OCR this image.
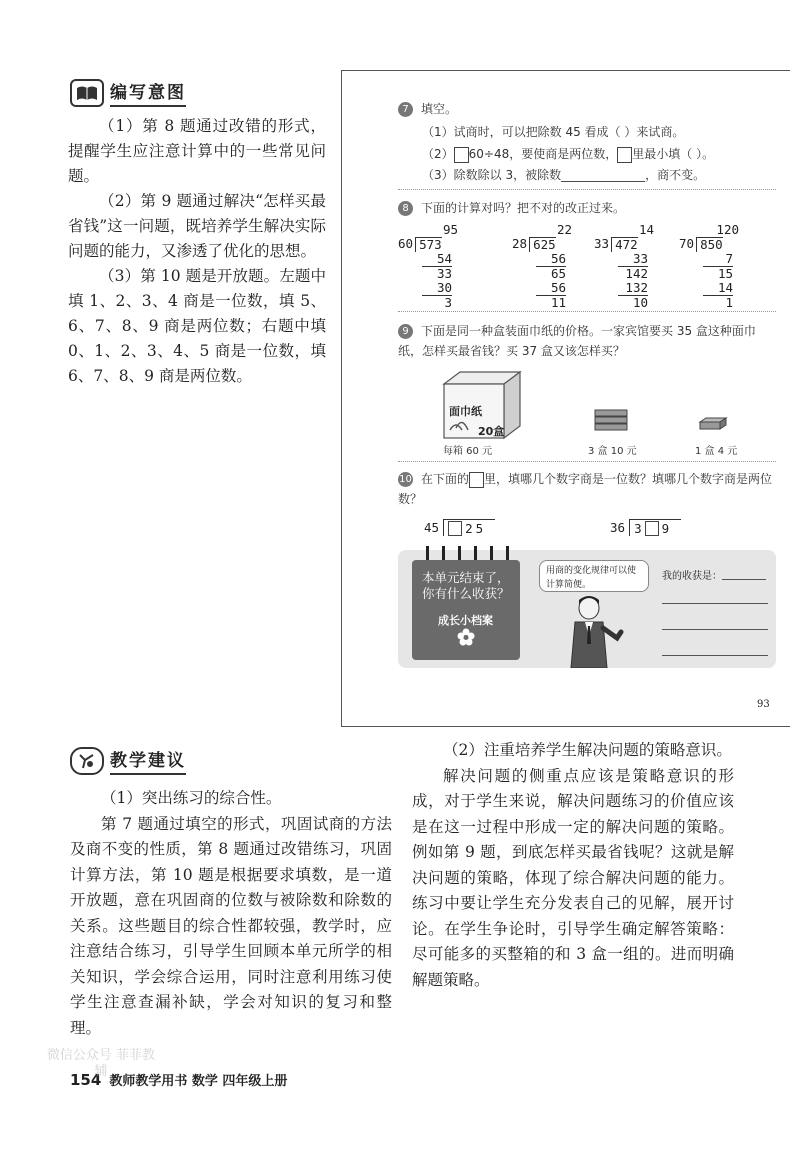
编写意图

（1）第 8 题通过改错的形式，提醒学生应注意计算中的一些常见问题。

（2）第 9 题通过解决“怎样买最省钱”这一问题，既培养学生解决实际问题的能力，又渗透了优化的思想。

（3）第 10 题是开放题。左题中填 1、2、3、4 商是一位数，填 5、6、7、8、9 商是两位数；右题中填 0、1、2、3、4、5 商是一位数，填 6、7、8、9 商是两位数。

7 填空。
（1）试商时，可以把除数 45 看成（ ）来试商。
（2） 60÷48，要使商是两位数， 里最小填（ ）。
（3）除数除以 3，被除数______________，商不变。
8 下面的计算对吗？把不对的改正过来。
95
60 573
54
33
30
3
22
28 625
56
65
56
11
14
33 472
33
142
132
10
120
70 850
7
15
14
1
9 下面是同一种盒装面巾纸的价格。一家宾馆要买 35 盒这种面巾纸，怎样买最省钱？买 37 盒又该怎样买？
面巾纸
20盒
每箱 60 元	3 盒 10 元	1 盒 4 元
10 在下面的 里，填哪几个数字商是一位数？填哪几个数字商是两位数？
45 2 5	36 3 9
本单元结束了，
你有什么收获？
成长小档案
用商的变化规律可以使计算简便。
我的收获是：
93
教学建议

（1）突出练习的综合性。

第 7 题通过填空的形式，巩固试商的方法及商不变的性质，第 8 题通过改错练习，巩固计算方法，第 10 题是根据要求填数，是一道开放题，意在巩固商的位数与被除数和除数的关系。这些题目的综合性都较强，教学时，应注意结合练习，引导学生回顾本单元所学的相关知识，学会综合运用，同时注意利用练习使学生注意查漏补缺，学会对知识的复习和整理。

（2）注重培养学生解决问题的策略意识。

解决问题的侧重点应该是策略意识的形成，对于学生来说，解决问题练习的价值应该是在这一过程中形成一定的解决问题的策略。例如第 9 题，到底怎样买最省钱呢？这就是解决问题的策略，体现了综合解决问题的能力。练习中要让学生充分发表自己的见解，展开讨论。在学生争论时，引导学生确定解答策略：尽可能多的买整箱的和 3 盒一组的。进而明确解题策略。

154 教师教学用书 数学 四年级上册
微信公众号 菲菲教辅
